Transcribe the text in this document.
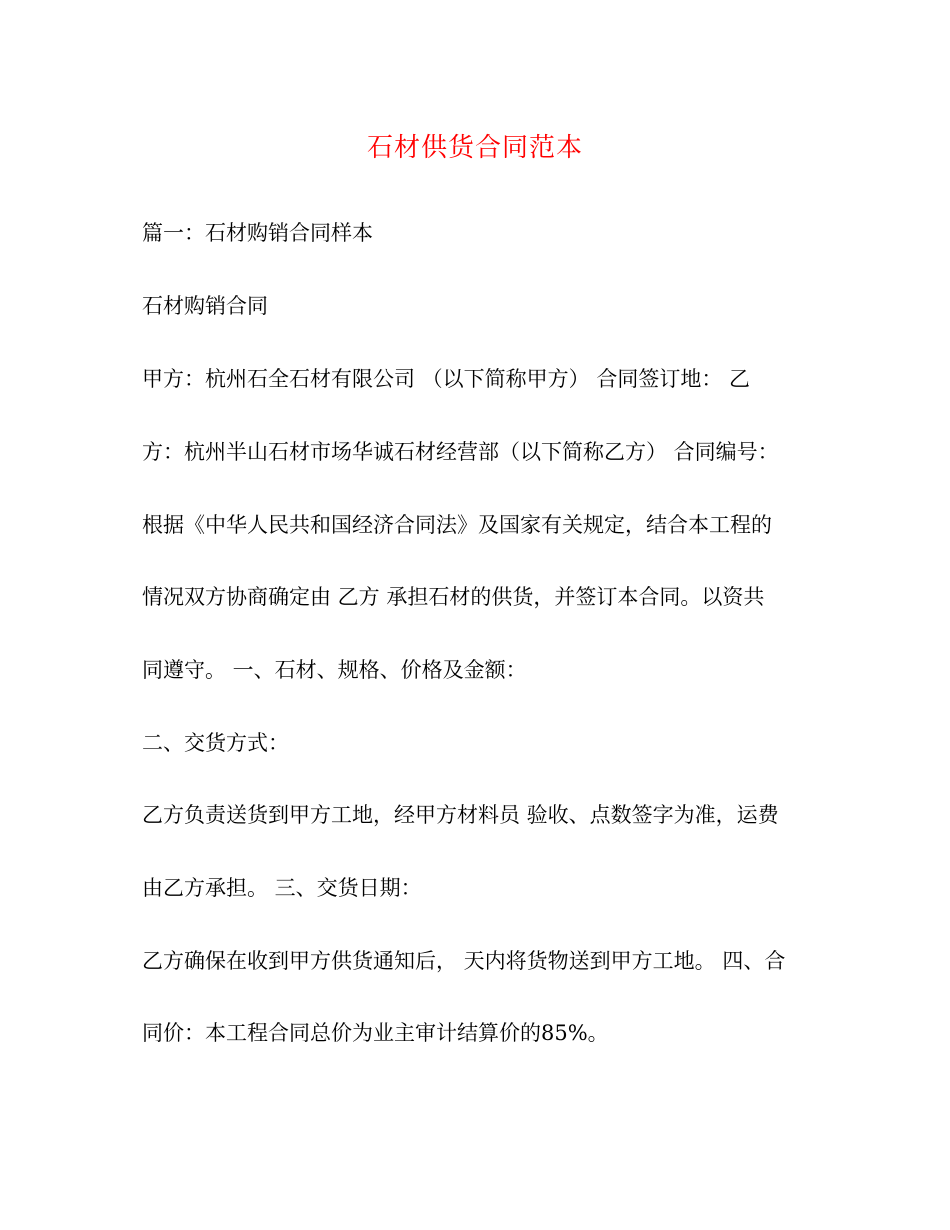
石材供货合同范本
篇一：石材购销合同样本
石材购销合同
甲方：杭州石全石材有限公司 （以下简称甲方） 合同签订地： 乙
方：杭州半山石材市场华诚石材经营部（以下简称乙方） 合同编号：
根据《中华人民共和国经济合同法》及国家有关规定，结合本工程的
情况双方协商确定由 乙方 承担石材的供货，并签订本合同。以资共
同遵守。 一、石材、规格、价格及金额：
二、交货方式：
乙方负责送货到甲方工地，经甲方材料员 验收、点数签字为准，运费
由乙方承担。 三、交货日期：
乙方确保在收到甲方供货通知后， 天内将货物送到甲方工地。 四、合
同价：本工程合同总价为业主审计结算价的85%。
